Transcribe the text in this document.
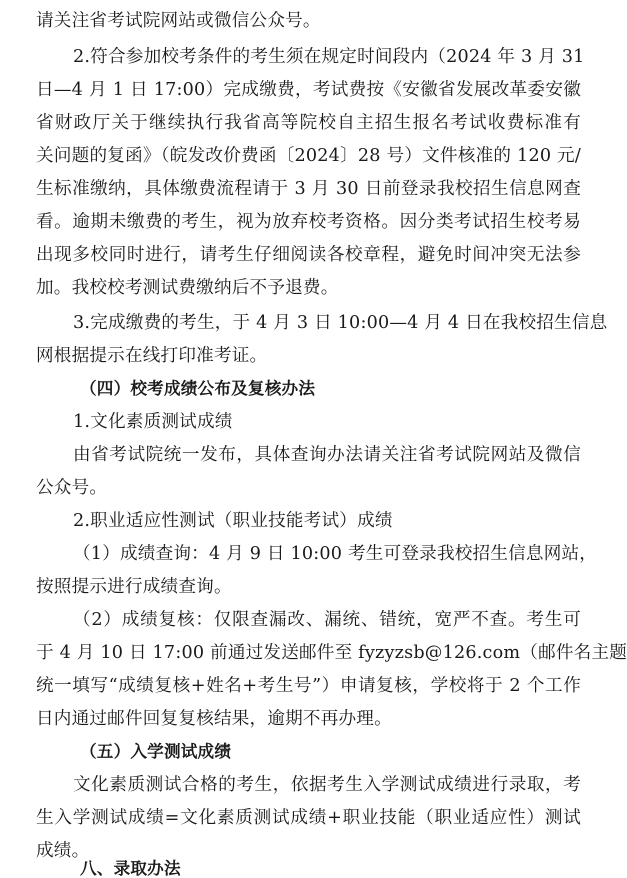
请关注省考试院网站或微信公众号。
2.符合参加校考条件的考生须在规定时间段内（2024 年 3 月 31
日—4 月 1 日 17:00）完成缴费，考试费按《安徽省发展改革委安徽
省财政厅关于继续执行我省高等院校自主招生报名考试收费标准有
关问题的复函》（皖发改价费函〔2024〕28 号）文件核准的 120 元/
生标准缴纳，具体缴费流程请于 3 月 30 日前登录我校招生信息网查
看。逾期未缴费的考生，视为放弃校考资格。因分类考试招生校考易
出现多校同时进行，请考生仔细阅读各校章程，避免时间冲突无法参
加。我校校考测试费缴纳后不予退费。
3.完成缴费的考生，于 4 月 3 日 10:00—4 月 4 日在我校招生信息
网根据提示在线打印准考证。
（四）校考成绩公布及复核办法
1.文化素质测试成绩
由省考试院统一发布，具体查询办法请关注省考试院网站及微信
公众号。
2.职业适应性测试（职业技能考试）成绩
（1）成绩查询：4 月 9 日 10:00 考生可登录我校招生信息网站，
按照提示进行成绩查询。
（2）成绩复核：仅限查漏改、漏统、错统，宽严不查。考生可
于 4 月 10 日 17:00 前通过发送邮件至 fyzyzsb@126.com（邮件名主题
统一填写“成绩复核+姓名+考生号”）申请复核，学校将于 2 个工作
日内通过邮件回复复核结果，逾期不再办理。
（五）入学测试成绩
文化素质测试合格的考生，依据考生入学测试成绩进行录取，考
生入学测试成绩=文化素质测试成绩+职业技能（职业适应性）测试
成绩。
八、录取办法
